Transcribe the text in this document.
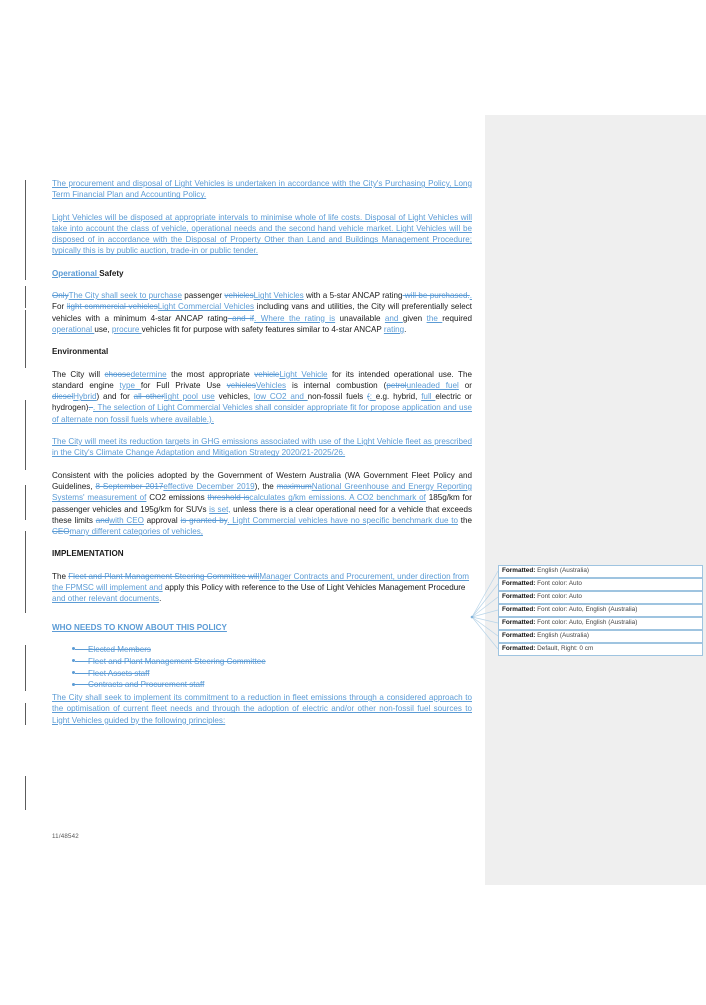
The procurement and disposal of Light Vehicles is undertaken in accordance with the City's Purchasing Policy, Long Term Financial Plan and Accounting Policy.

Light Vehicles will be disposed at appropriate intervals to minimise whole of life costs. Disposal of Light Vehicles will take into account the class of vehicle, operational needs and the second hand vehicle market. Light Vehicles will be disposed of in accordance with the Disposal of Property Other than Land and Buildings Management Procedure; typically this is by public auction, trade-in or public tender.

Operational Safety

OnlyThe City shall seek to purchase passenger vehiclesLight Vehicles with a 5-star ANCAP rating will be purchased.. For light commercial vehiclesLight Commercial Vehicles including vans and utilities, the City will preferentially select vehicles with a minimum 4-star ANCAP rating and if. Where the rating is unavailable and given the required operational use, procure vehicles fit for purpose with safety features similar to 4-star ANCAP rating.

Environmental

The City will choosedetermine the most appropriate vehicleLight Vehicle for its intended operational use. The standard engine type for Full Private Use vehiclesVehicles is internal combustion (petrolunleaded fuel or dieselHybrid) and for all otherlight pool use vehicles, low CO2 and non-fossil fuels (: e.g. hybrid, full electric or hydrogen). . The selection of Light Commercial Vehicles shall consider appropriate fit for propose application and use of alternate non fossil fuels where available.).

The City will meet its reduction targets in GHG emissions associated with use of the Light Vehicle fleet as prescribed in the City's Climate Change Adaptation and Mitigation Strategy 2020/21-2025/26.

Consistent with the policies adopted by the Government of Western Australia (WA Government Fleet Policy and Guidelines, 8 September 2017effective December 2019), the maximumNational Greenhouse and Energy Reporting Systems' measurement of CO2 emissions threshold iscalculates g/km emissions. A CO2 benchmark of 185g/km for passenger vehicles and 195g/km for SUVs is set, unless there is a clear operational need for a vehicle that exceeds these limits andwith CEO approval is granted by. Light Commercial vehicles have no specific benchmark due to the CEOmany different categories of vehicles,

IMPLEMENTATION

The Fleet and Plant Management Steering Committee willManager Contracts and Procurement, under direction from the FPMSC will implement and apply this Policy with reference to the Use of Light Vehicles Management Procedure and other relevant documents.

WHO NEEDS TO KNOW ABOUT THIS POLICY

Elected Members
Fleet and Plant Management Steering Committee
Fleet Assets staff
Contracts and Procurement staff

The City shall seek to implement its commitment to a reduction in fleet emissions through a considered approach to the optimisation of current fleet needs and through the adoption of electric and/or other non-fossil fuel sources to Light Vehicles guided by the following principles:

Formatted: English (Australia)
Formatted: Font color: Auto
Formatted: Font color: Auto
Formatted: Font color: Auto, English (Australia)
Formatted: Font color: Auto, English (Australia)
Formatted: English (Australia)
Formatted: Default, Right: 0 cm
11/48542
